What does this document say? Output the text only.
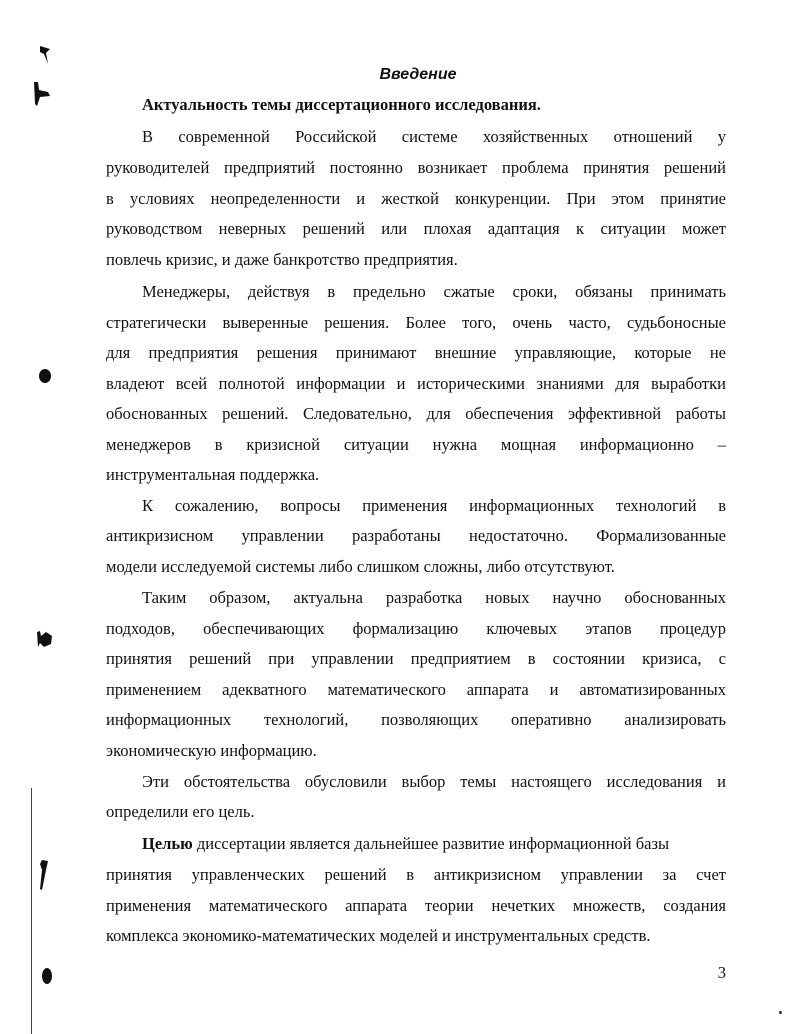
Введение
Актуальность темы диссертационного исследования.
В современной Российской системе хозяйственных отношений у
руководителей предприятий постоянно возникает проблема принятия решений
в условиях неопределенности и жесткой конкуренции. При этом принятие
руководством неверных решений или плохая адаптация к ситуации может
повлечь кризис, и даже банкротство предприятия.
Менеджеры, действуя в предельно сжатые сроки, обязаны принимать
стратегически выверенные решения. Более того, очень часто, судьбоносные
для предприятия решения принимают внешние управляющие, которые не
владеют всей полнотой информации и историческими знаниями для выработки
обоснованных решений. Следовательно, для обеспечения эффективной работы
менеджеров в кризисной ситуации нужна мощная информационно –
инструментальная поддержка.
К сожалению, вопросы применения информационных технологий в
антикризисном управлении разработаны недостаточно. Формализованные
модели исследуемой системы либо слишком сложны, либо отсутствуют.
Таким образом, актуальна разработка новых научно обоснованных
подходов, обеспечивающих формализацию ключевых этапов процедур
принятия решений при управлении предприятием в состоянии кризиса, с
применением адекватного математического аппарата и автоматизированных
информационных технологий, позволяющих оперативно анализировать
экономическую информацию.
Эти обстоятельства обусловили выбор темы настоящего исследования и
определили его цель.
Целью диссертации является дальнейшее развитие информационной базы
принятия управленческих решений в антикризисном управлении за счет
применения математического аппарата теории нечетких множеств, создания
комплекса экономико-математических моделей и инструментальных средств.
3
